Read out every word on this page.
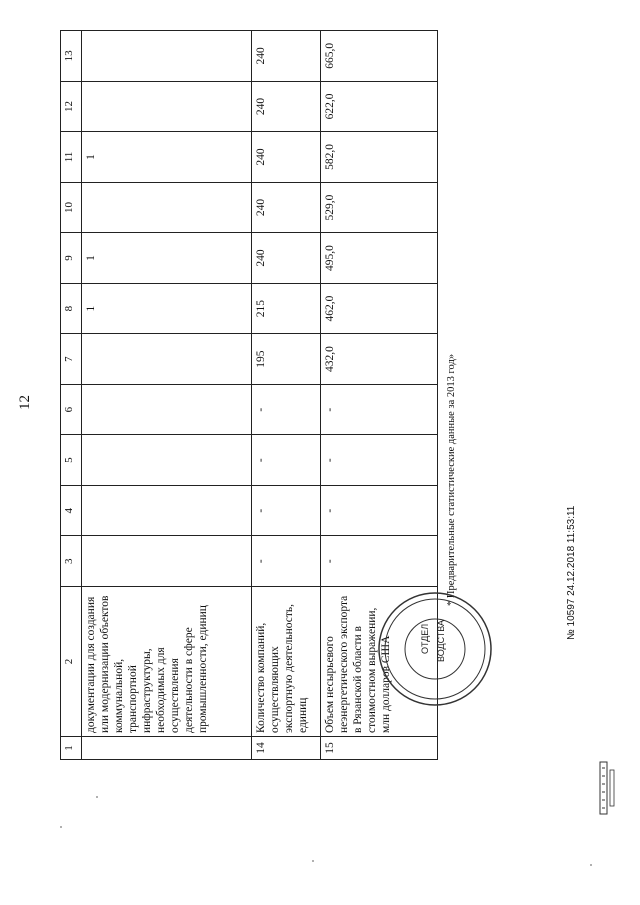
12
1	2	3	4	5	6	7	8	9	10	11	12	13
	документации для создания или модернизации объектов коммунальной, транспортной инфраструктуры, необходимых для осуществления деятельности в сфере промышленности, единиц						1	1		1		
14	Количество компаний, осуществляющих экспортную деятельность, единиц	-	-	-	-	195	215	240	240	240	240	240
15	Объем несырьевого неэнергетического экспорта в Рязанской области в стоимостном выражении, млн долларов США	-	-	-	-	432,0	462,0	495,0	529,0	582,0	622,0	665,0
* Предварительные статистические данные за 2013 год»
ОТДЕЛ ВОДСТВА
№ 10597 24.12.2018 11:53:11
